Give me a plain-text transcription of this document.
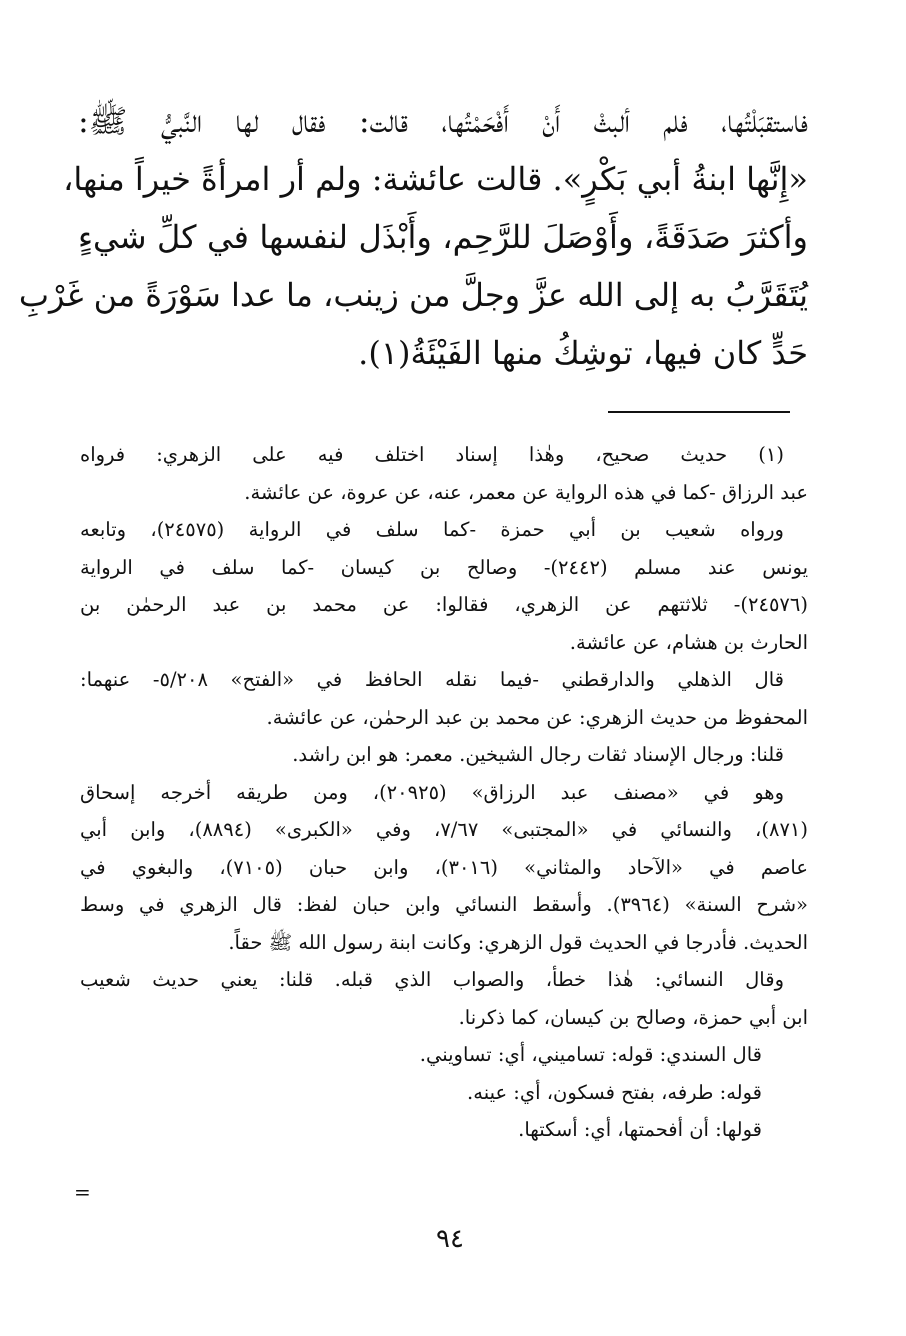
فاستقبَلْتُها، فلم ألبثْ أَنْ أَفْحَمْتُها، قالت: فقال لها النَّبيُّ ﷺ:
«إِنَّها ابنةُ أبي بَكْرٍ». قالت عائشة: ولم أر امرأةً خيراً منها،
وأكثرَ صَدَقَةً، وأَوْصَلَ للرَّحِم، وأَبْذَل لنفسها في كلِّ شيءٍ
يُتَقَرَّبُ به إلى الله عزَّ وجلَّ من زينب، ما عدا سَوْرَةً من غَرْبِ
حَدٍّ كان فيها، توشِكُ منها الفَيْئَةُ(١).
(١) حديث صحيح، وهٰذا إسناد اختلف فيه على الزهري: فرواه
عبد الرزاق -كما في هذه الرواية عن معمر، عنه، عن عروة، عن عائشة.
ورواه شعيب بن أبي حمزة -كما سلف في الرواية (٢٤٥٧٥)، وتابعه
يونس عند مسلم (٢٤٤٢)- وصالح بن كيسان -كما سلف في الرواية
(٢٤٥٧٦)- ثلاثتهم عن الزهري، فقالوا: عن محمد بن عبد الرحمٰن بن
الحارث بن هشام، عن عائشة.
قال الذهلي والدارقطني -فيما نقله الحافظ في «الفتح» ٥/٢٠٨- عنهما:
المحفوظ من حديث الزهري: عن محمد بن عبد الرحمٰن، عن عائشة.
قلنا: ورجال الإسناد ثقات رجال الشيخين. معمر: هو ابن راشد.
وهو في «مصنف عبد الرزاق» (٢٠٩٢٥)، ومن طريقه أخرجه إسحاق
(٨٧١)، والنسائي في «المجتبى» ٧/٦٧، وفي «الكبرى» (٨٨٩٤)، وابن أبي
عاصم في «الآحاد والمثاني» (٣٠١٦)، وابن حبان (٧١٠٥)، والبغوي في
«شرح السنة» (٣٩٦٤). وأسقط النسائي وابن حبان لفظ: قال الزهري في وسط
الحديث. فأدرجا في الحديث قول الزهري: وكانت ابنة رسول الله ﷺ حقاً.
وقال النسائي: هٰذا خطأ، والصواب الذي قبله. قلنا: يعني حديث شعيب
ابن أبي حمزة، وصالح بن كيسان، كما ذكرنا.
قال السندي: قوله: تساميني، أي: تساويني.
قوله: طرفه، بفتح فسكون، أي: عينه.
قولها: أن أفحمتها، أي: أسكتها.
=
٩٤
